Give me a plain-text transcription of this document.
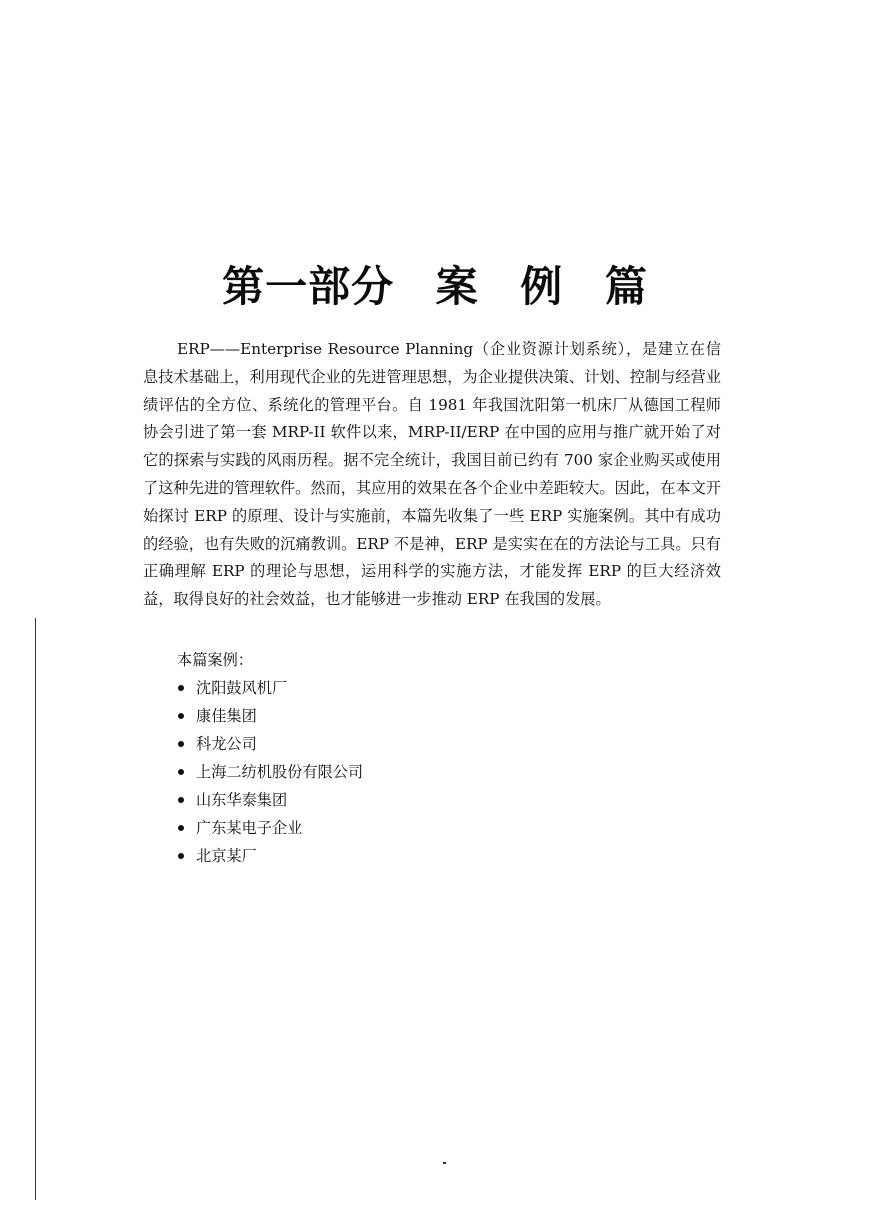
第一部分 案 例 篇

ERP——Enterprise Resource Planning（企业资源计划系统），是建立在信息技术基础上，利用现代企业的先进管理思想，为企业提供决策、计划、控制与经营业绩评估的全方位、系统化的管理平台。自 1981 年我国沈阳第一机床厂从德国工程师协会引进了第一套 MRP-II 软件以来，MRP-II/ERP 在中国的应用与推广就开始了对它的探索与实践的风雨历程。据不完全统计，我国目前已约有 700 家企业购买或使用了这种先进的管理软件。然而，其应用的效果在各个企业中差距较大。因此，在本文开始探讨 ERP 的原理、设计与实施前，本篇先收集了一些 ERP 实施案例。其中有成功的经验，也有失败的沉痛教训。ERP 不是神，ERP 是实实在在的方法论与工具。只有正确理解 ERP 的理论与思想，运用科学的实施方法，才能发挥 ERP 的巨大经济效益，取得良好的社会效益，也才能够进一步推动 ERP 在我国的发展。

本篇案例：

沈阳鼓风机厂
康佳集团
科龙公司
上海二纺机股份有限公司
山东华泰集团
广东某电子企业
北京某厂
